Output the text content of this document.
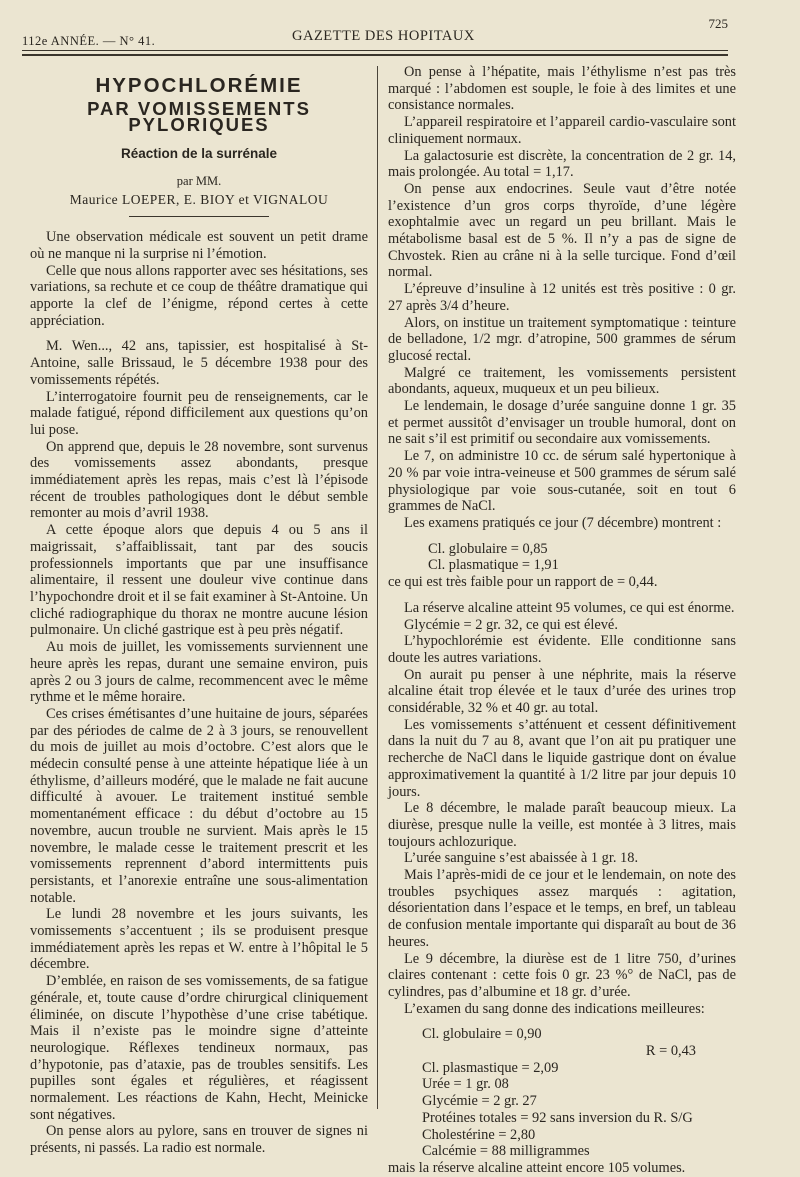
112e ANNÉE. — N° 41.	GAZETTE DES HOPITAUX
725
HYPOCHLORÉMIE
PAR VOMISSEMENTS PYLORIQUES
Réaction de la surrénale
par MM.
Maurice LOEPER, E. BIOY et VIGNALOU

Une observation médicale est souvent un petit drame où ne manque ni la surprise ni l’émotion.

Celle que nous allons rapporter avec ses hésitations, ses variations, sa rechute et ce coup de théâtre dramatique qui apporte la clef de l’énigme, répond certes à cette appréciation.

M. Wen..., 42 ans, tapissier, est hospitalisé à St-Antoine, salle Brissaud, le 5 décembre 1938 pour des vomissements répétés.

L’interrogatoire fournit peu de renseignements, car le malade fatigué, répond difficilement aux questions qu’on lui pose.

On apprend que, depuis le 28 novembre, sont survenus des vomissements assez abondants, presque immédiatement après les repas, mais c’est là l’épisode récent de troubles pathologiques dont le début semble remonter au mois d’avril 1938.

A cette époque alors que depuis 4 ou 5 ans il maigrissait, s’affaiblissait, tant par des soucis professionnels importants que par une insuffisance alimentaire, il ressent une douleur vive continue dans l’hypochondre droit et il se fait examiner à St-Antoine. Un cliché radiographique du thorax ne montre aucune lésion pulmonaire. Un cliché gastrique est à peu près négatif.

Au mois de juillet, les vomissements surviennent une heure après les repas, durant une semaine environ, puis après 2 ou 3 jours de calme, recommencent avec le même rythme et le même horaire.

Ces crises émétisantes d’une huitaine de jours, séparées par des périodes de calme de 2 à 3 jours, se renouvellent du mois de juillet au mois d’octobre. C’est alors que le médecin consulté pense à une atteinte hépatique liée à un éthylisme, d’ailleurs modéré, que le malade ne fait aucune difficulté à avouer. Le traitement institué semble momentanément efficace : du début d’octobre au 15 novembre, aucun trouble ne survient. Mais après le 15 novembre, le malade cesse le traitement prescrit et les vomissements reprennent d’abord intermittents puis persistants, et l’anorexie entraîne une sous-alimentation notable.

Le lundi 28 novembre et les jours suivants, les vomissements s’accentuent ; ils se produisent presque immédiatement après les repas et W. entre à l’hôpital le 5 décembre.

D’emblée, en raison de ses vomissements, de sa fatigue générale, et, toute cause d’ordre chirurgical cliniquement éliminée, on discute l’hypothèse d’une crise tabétique. Mais il n’existe pas le moindre signe d’atteinte neurologique. Réflexes tendineux normaux, pas d’hypotonie, pas d’ataxie, pas de troubles sensitifs. Les pupilles sont égales et régulières, et réagissent normalement. Les réactions de Kahn, Hecht, Meinicke sont négatives.

On pense alors au pylore, sans en trouver de signes ni présents, ni passés. La radio est normale.

On pense à l’hépatite, mais l’éthylisme n’est pas très marqué : l’abdomen est souple, le foie à des limites et une consistance normales.

L’appareil respiratoire et l’appareil cardio-vasculaire sont cliniquement normaux.

La galactosurie est discrète, la concentration de 2 gr. 14, mais prolongée. Au total = 1,17.

On pense aux endocrines. Seule vaut d’être notée l’existence d’un gros corps thyroïde, d’une légère exophtalmie avec un regard un peu brillant. Mais le métabolisme basal est de 5 %. Il n’y a pas de signe de Chvostek. Rien au crâne ni à la selle turcique. Fond d’œil normal.

L’épreuve d’insuline à 12 unités est très positive : 0 gr. 27 après 3/4 d’heure.

Alors, on institue un traitement symptomatique : teinture de belladone, 1/2 mgr. d’atropine, 500 grammes de sérum glucosé rectal.

Malgré ce traitement, les vomissements persistent abondants, aqueux, muqueux et un peu bilieux.

Le lendemain, le dosage d’urée sanguine donne 1 gr. 35 et permet aussitôt d’envisager un trouble humoral, dont on ne sait s’il est primitif ou secondaire aux vomissements.

Le 7, on administre 10 cc. de sérum salé hypertonique à 20 % par voie intra-veineuse et 500 grammes de sérum salé physiologique par voie sous-cutanée, soit en tout 6 grammes de NaCl.

Les examens pratiqués ce jour (7 décembre) montrent :

Cl. globulaire = 0,85

Cl. plasmatique = 1,91

ce qui est très faible pour un rapport de = 0,44.

La réserve alcaline atteint 95 volumes, ce qui est énorme.

Glycémie = 2 gr. 32, ce qui est élevé.

L’hypochlorémie est évidente. Elle conditionne sans doute les autres variations.

On aurait pu penser à une néphrite, mais la réserve alcaline était trop élevée et le taux d’urée des urines trop considérable, 32 % et 40 gr. au total.

Les vomissements s’atténuent et cessent définitivement dans la nuit du 7 au 8, avant que l’on ait pu pratiquer une recherche de NaCl dans le liquide gastrique dont on évalue approximativement la quantité à 1/2 litre par jour depuis 10 jours.

Le 8 décembre, le malade paraît beaucoup mieux. La diurèse, presque nulle la veille, est montée à 3 litres, mais toujours achlozurique.

L’urée sanguine s’est abaissée à 1 gr. 18.

Mais l’après-midi de ce jour et le lendemain, on note des troubles psychiques assez marqués : agitation, désorientation dans l’espace et le temps, en bref, un tableau de confusion mentale importante qui disparaît au bout de 36 heures.

Le 9 décembre, la diurèse est de 1 litre 750, d’urines claires contenant : cette fois 0 gr. 23 %° de NaCl, pas de cylindres, pas d’albumine et 18 gr. d’urée.

L’examen du sang donne des indications meilleures:

Cl. globulaire = 0,90

R = 0,43

Cl. plasmastique = 2,09

Urée = 1 gr. 08

Glycémie = 2 gr. 27

Protéines totales = 92 sans inversion du R. S/G

Cholestérine = 2,80

Calcémie = 88 milligrammes

mais la réserve alcaline atteint encore 105 volumes.
